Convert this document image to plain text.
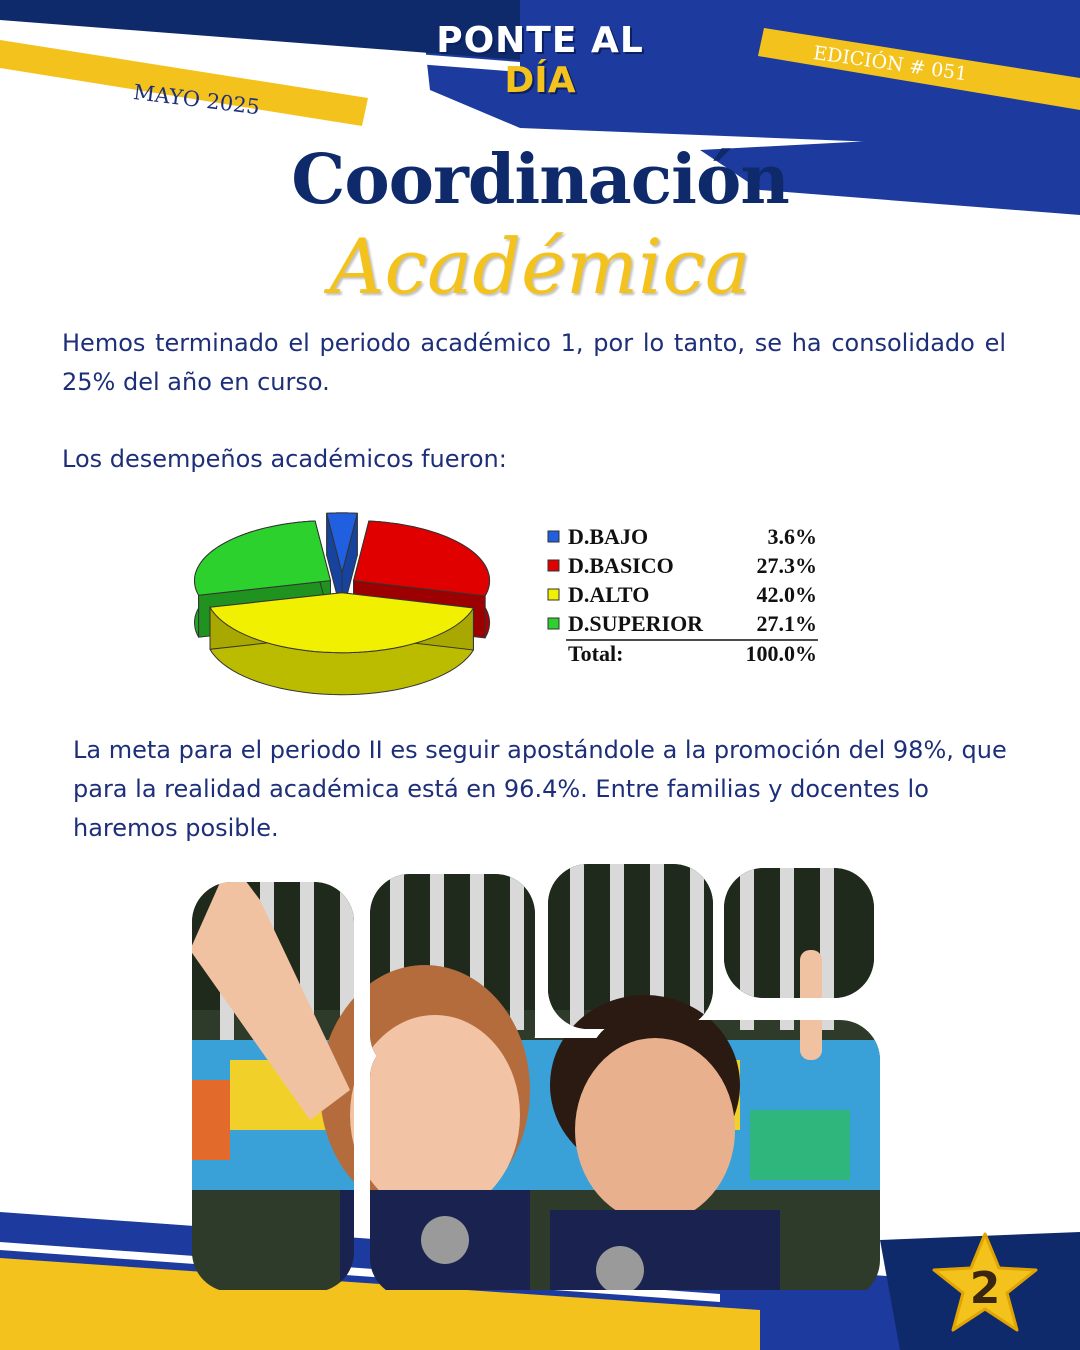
PONTE AL
DÍA
MAYO 2025
EDICIÓN # 051
Coordinación
Académica
Hemos terminado el periodo académico 1, por lo tanto, se ha consolidado el 25% del año en curso.
Los desempeños académicos fueron:
D.BAJO	3.6%
D.BASICO	27.3%
D.ALTO	42.0%
D.SUPERIOR 27.1%
Total:	100.0%
La meta para el periodo II es seguir apostándole a la promoción del 98%, que para la realidad académica está en 96.4%. Entre familias y docentes lo haremos posible.
2
